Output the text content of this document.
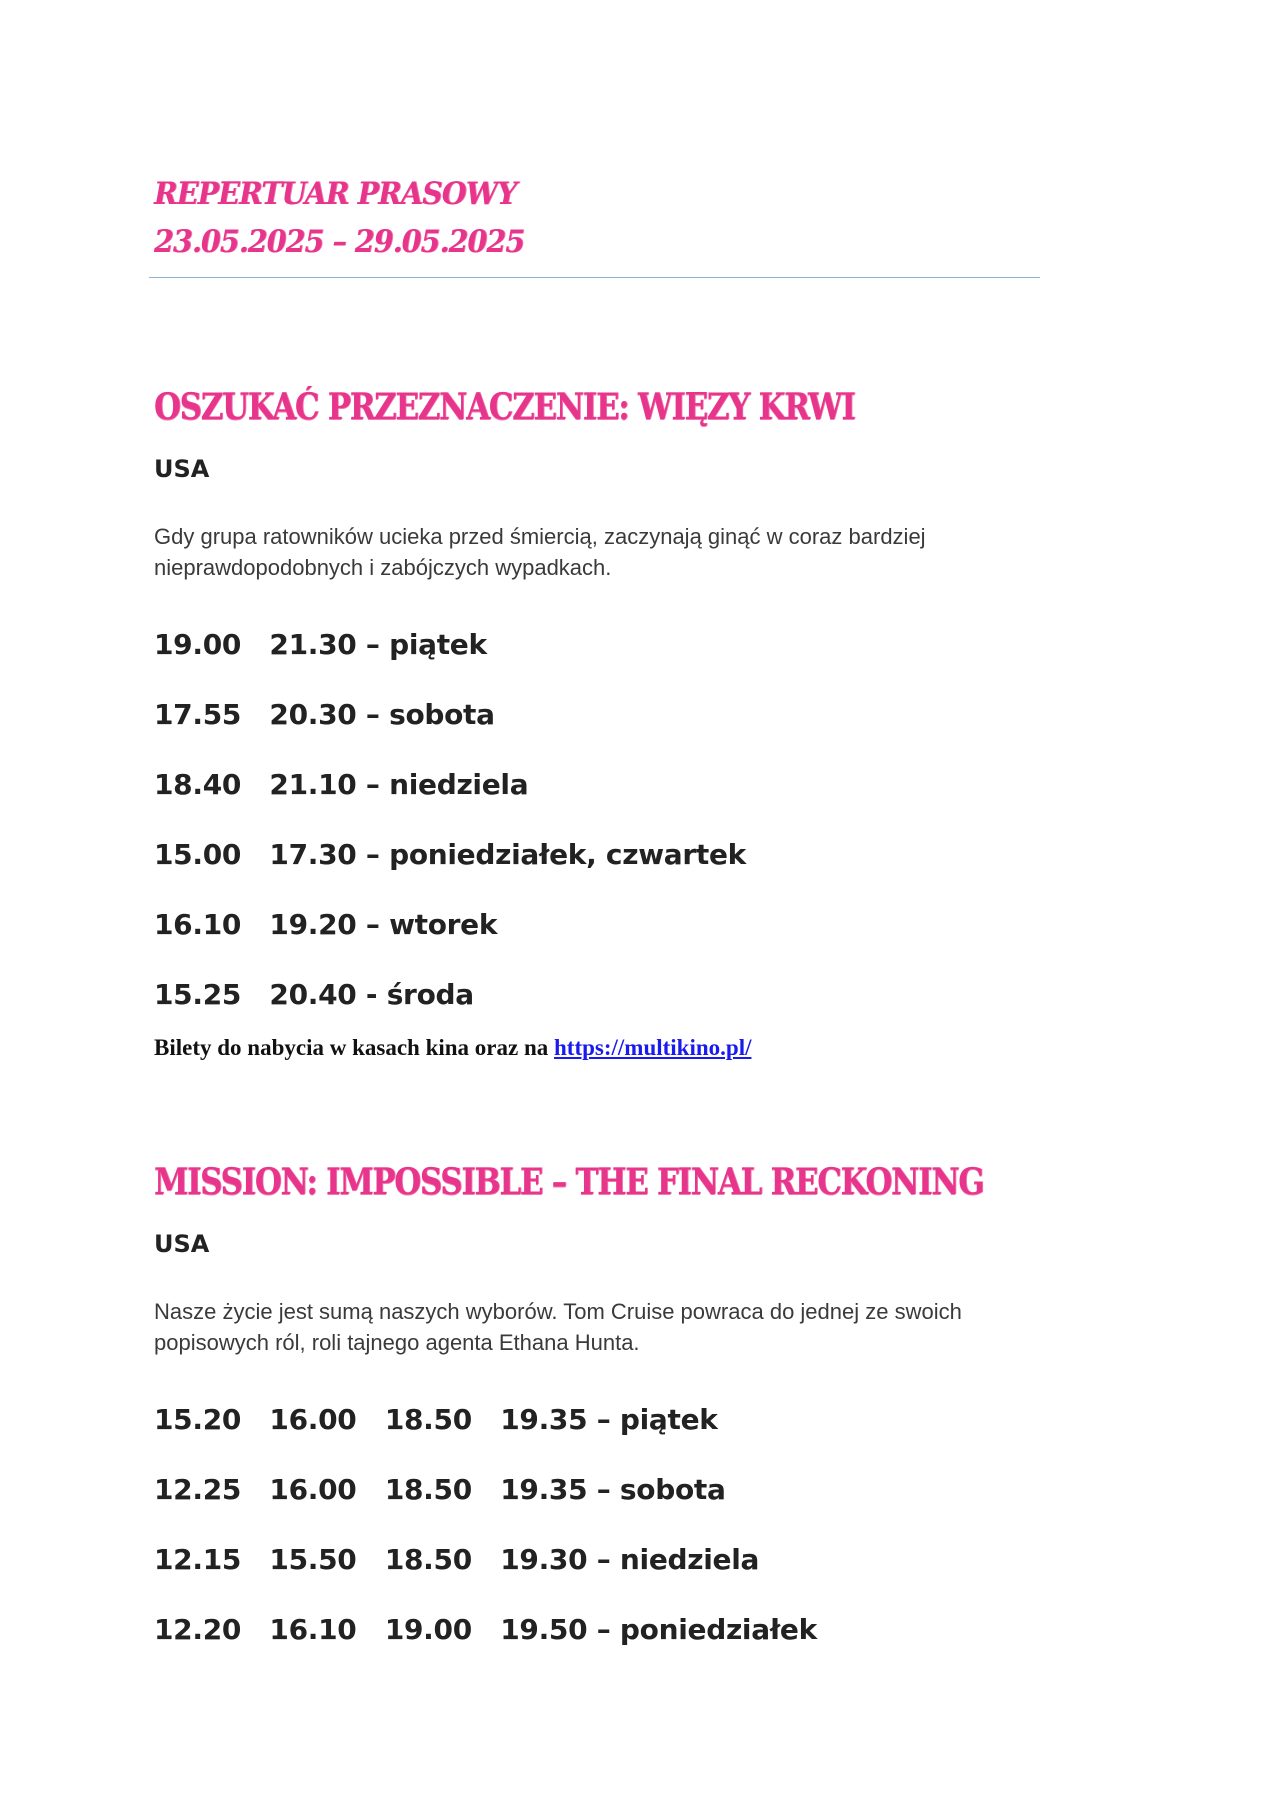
REPERTUAR PRASOWY

23.05.2025 – 29.05.2025

OSZUKAĆ PRZEZNACZENIE: WIĘZY KRWI

USA

Gdy grupa ratowników ucieka przed śmiercią, zaczynają ginąć w coraz bardziej nieprawdopodobnych i zabójczych wypadkach.

19.00   21.30 – piątek
17.55   20.30 – sobota
18.40   21.10 – niedziela
15.00   17.30 – poniedziałek, czwartek
16.10   19.20 – wtorek
15.25   20.40 - środa

Bilety do nabycia w kasach kina oraz na https://multikino.pl/

MISSION: IMPOSSIBLE – THE FINAL RECKONING

USA

Nasze życie jest sumą naszych wyborów. Tom Cruise powraca do jednej ze swoich popisowych ról, roli tajnego agenta Ethana Hunta.

15.20   16.00   18.50   19.35 – piątek
12.25   16.00   18.50   19.35 – sobota
12.15   15.50   18.50   19.30 – niedziela
12.20   16.10   19.00   19.50 – poniedziałek
